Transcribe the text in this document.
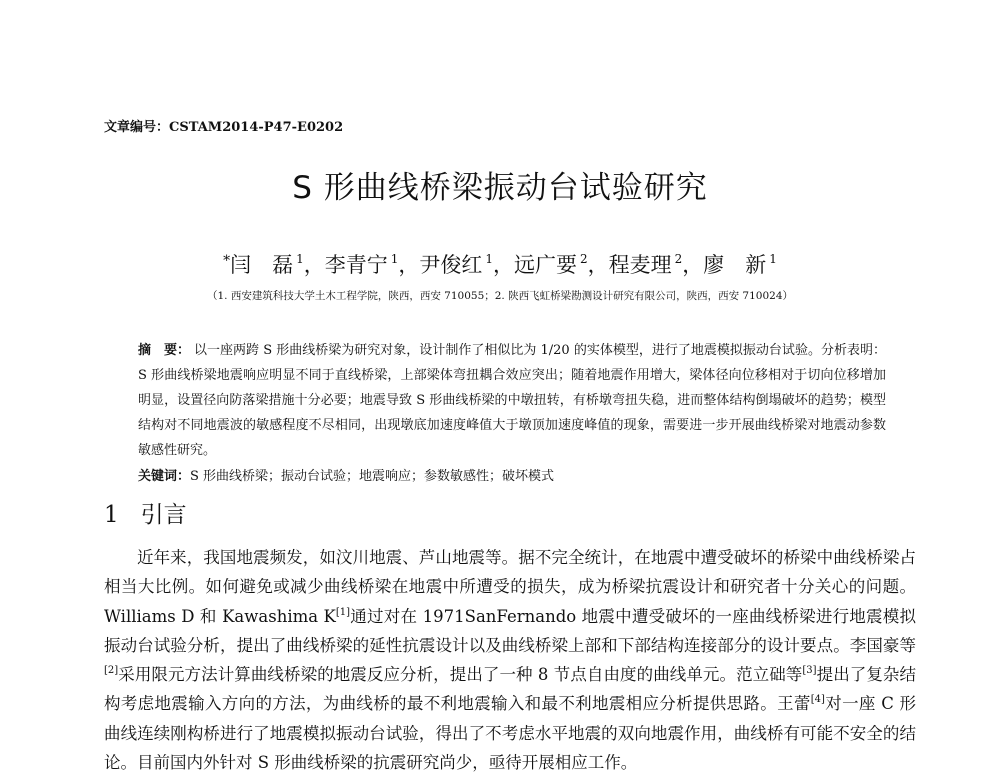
文章编号：CSTAM2014-P47-E0202
S 形曲线桥梁振动台试验研究
*闫　磊 $^1$，李青宁 $^1$，尹俊红 $^1$，远广要 $^2$，程麦理 $^2$，廖　新 $^1$
（1. 西安建筑科技大学土木工程学院，陕西，西安 710055；2. 陕西飞虹桥梁勘测设计研究有限公司，陕西，西安 710024）
摘　要： 以一座两跨 S 形曲线桥梁为研究对象，设计制作了相似比为 1/20 的实体模型，进行了地震模拟振动台试验。分析表明：S 形曲线桥梁地震响应明显不同于直线桥梁，上部梁体弯扭耦合效应突出；随着地震作用增大，梁体径向位移相对于切向位移增加明显，设置径向防落梁措施十分必要；地震导致 S 形曲线桥梁的中墩扭转，有桥墩弯扭失稳，进而整体结构倒塌破坏的趋势；模型结构对不同地震波的敏感程度不尽相同，出现墩底加速度峰值大于墩顶加速度峰值的现象，需要进一步开展曲线桥梁对地震动参数敏感性研究。
关键词：S 形曲线桥梁；振动台试验；地震响应；参数敏感性；破坏模式
1 引言
近年来，我国地震频发，如汶川地震、芦山地震等。据不完全统计，在地震中遭受破坏的桥梁中曲线桥梁占相当大比例。如何避免或减少曲线桥梁在地震中所遭受的损失，成为桥梁抗震设计和研究者十分关心的问题。Williams D 和 Kawashima K[1]通过对在 1971SanFernando 地震中遭受破坏的一座曲线桥梁进行地震模拟振动台试验分析，提出了曲线桥梁的延性抗震设计以及曲线桥梁上部和下部结构连接部分的设计要点。李国豪等[2]采用限元方法计算曲线桥梁的地震反应分析，提出了一种 8 节点自由度的曲线单元。范立础等[3]提出了复杂结构考虑地震输入方向的方法，为曲线桥的最不利地震输入和最不利地震相应分析提供思路。王蕾[4]对一座 C 形曲线连续刚构桥进行了地震模拟振动台试验，得出了不考虑水平地震的双向地震作用，曲线桥有可能不安全的结论。目前国内外针对 S 形曲线桥梁的抗震研究尚少，亟待开展相应工作。
